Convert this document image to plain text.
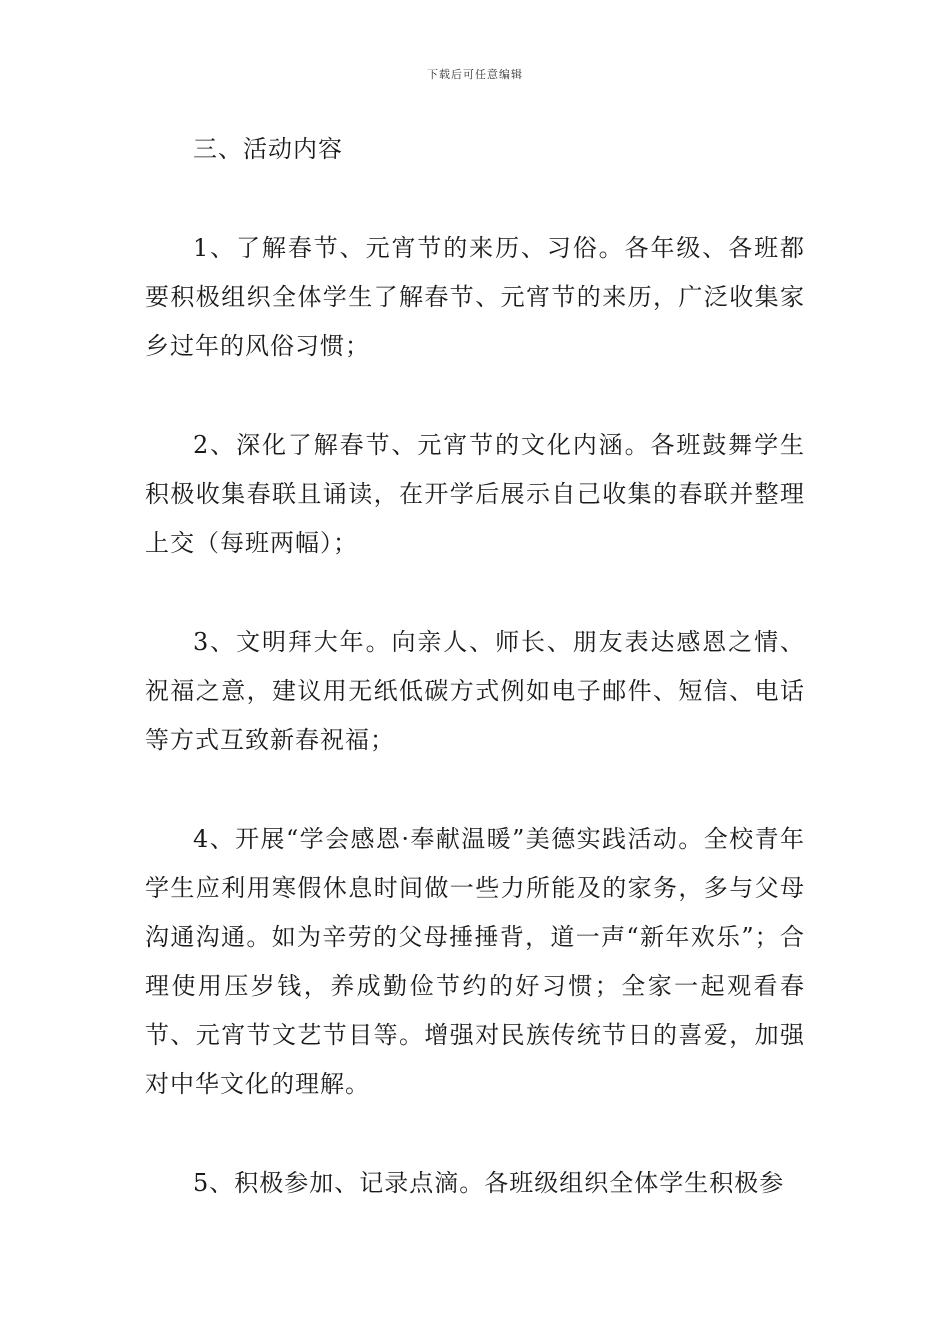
下载后可任意编辑

三、活动内容

1、了解春节、元宵节的来历、习俗。各年级、各班都要积极组织全体学生了解春节、元宵节的来历，广泛收集家乡过年的风俗习惯；

2、深化了解春节、元宵节的文化内涵。各班鼓舞学生积极收集春联且诵读，在开学后展示自己收集的春联并整理上交（每班两幅）；

3、文明拜大年。向亲人、师长、朋友表达感恩之情、祝福之意，建议用无纸低碳方式例如电子邮件、短信、电话等方式互致新春祝福；

4、开展“学会感恩·奉献温暖”美德实践活动。全校青年学生应利用寒假休息时间做一些力所能及的家务，多与父母沟通沟通。如为辛劳的父母捶捶背，道一声“新年欢乐”；合理使用压岁钱，养成勤俭节约的好习惯；全家一起观看春节、元宵节文艺节目等。增强对民族传统节日的喜爱，加强对中华文化的理解。

5、积极参加、记录点滴。各班级组织全体学生积极参
